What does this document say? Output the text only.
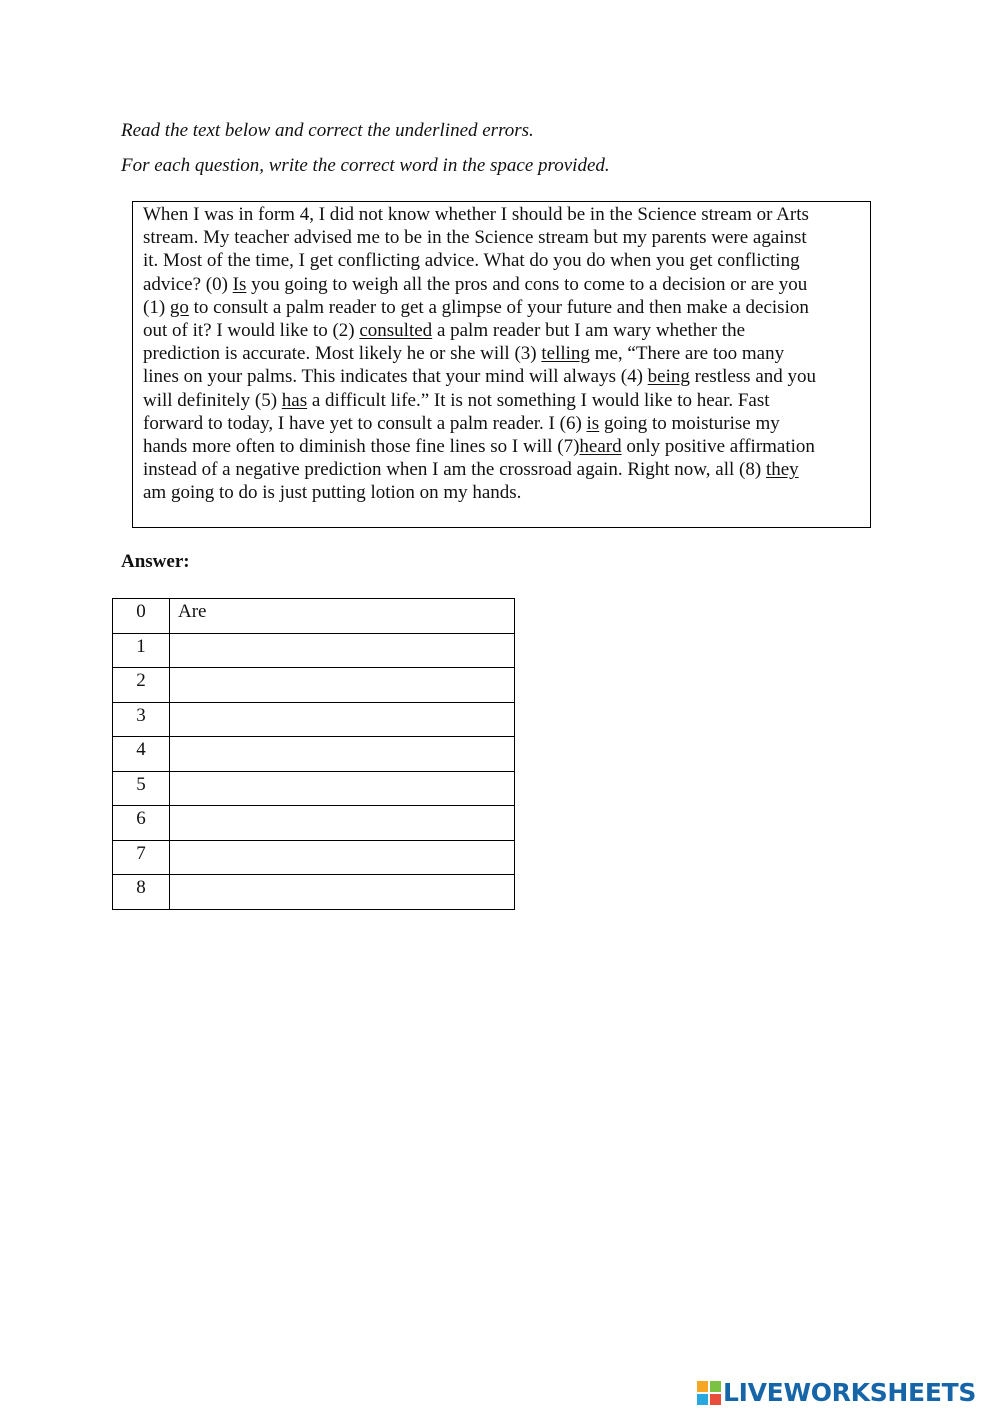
Read the text below and correct the underlined errors.
For each question, write the correct word in the space provided.

When I was in form 4, I did not know whether I should be in the Science stream or Arts
stream. My teacher advised me to be in the Science stream but my parents were against
it. Most of the time, I get conflicting advice. What do you do when you get conflicting
advice? (0) Is you going to weigh all the pros and cons to come to a decision or are you
(1) go to consult a palm reader to get a glimpse of your future and then make a decision
out of it? I would like to (2) consulted a palm reader but I am wary whether the
prediction is accurate. Most likely he or she will (3) telling me, “There are too many
lines on your palms. This indicates that your mind will always (4) being restless and you
will definitely (5) has a difficult life.” It is not something I would like to hear. Fast
forward to today, I have yet to consult a palm reader. I (6) is going to moisturise my
hands more often to diminish those fine lines so I will (7)heard only positive affirmation
instead of a negative prediction when I am the crossroad again. Right now, all (8) they
am going to do is just putting lotion on my hands.

Answer:
0	Are
1	
2	
3	
4	
5	
6	
7	
8	
LIVEWORKSHEETS
